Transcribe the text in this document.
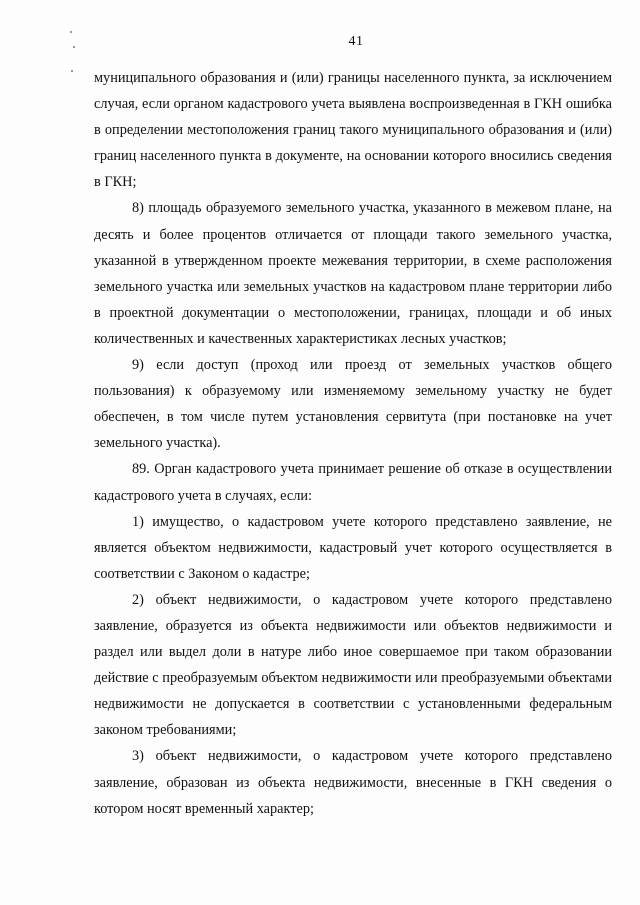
41

муниципального образования и (или) границы населенного пункта, за исключением случая, если органом кадастрового учета выявлена воспроизведенная в ГКН ошибка в определении местоположения границ такого муниципального образования и (или) границ населенного пункта в документе, на основании которого вносились сведения в ГКН;

8) площадь образуемого земельного участка, указанного в межевом плане, на десять и более процентов отличается от площади такого земельного участка, указанной в утвержденном проекте межевания территории, в схеме расположения земельного участка или земельных участков на кадастровом плане территории либо в проектной документации о местоположении, границах, площади и об иных количественных и качественных характеристиках лесных участков;

9) если доступ (проход или проезд от земельных участков общего пользования) к образуемому или изменяемому земельному участку не будет обеспечен, в том числе путем установления сервитута (при постановке на учет земельного участка).

89. Орган кадастрового учета принимает решение об отказе в осуществлении кадастрового учета в случаях, если:

1) имущество, о кадастровом учете которого представлено заявление, не является объектом недвижимости, кадастровый учет которого осуществляется в соответствии с Законом о кадастре;

2) объект недвижимости, о кадастровом учете которого представлено заявление, образуется из объекта недвижимости или объектов недвижимости и раздел или выдел доли в натуре либо иное совершаемое при таком образовании действие с преобразуемым объектом недвижимости или преобразуемыми объектами недвижимости не допускается в соответствии с установленными федеральным законом требованиями;

3) объект недвижимости, о кадастровом учете которого представлено заявление, образован из объекта недвижимости, внесенные в ГКН сведения о котором носят временный характер;
